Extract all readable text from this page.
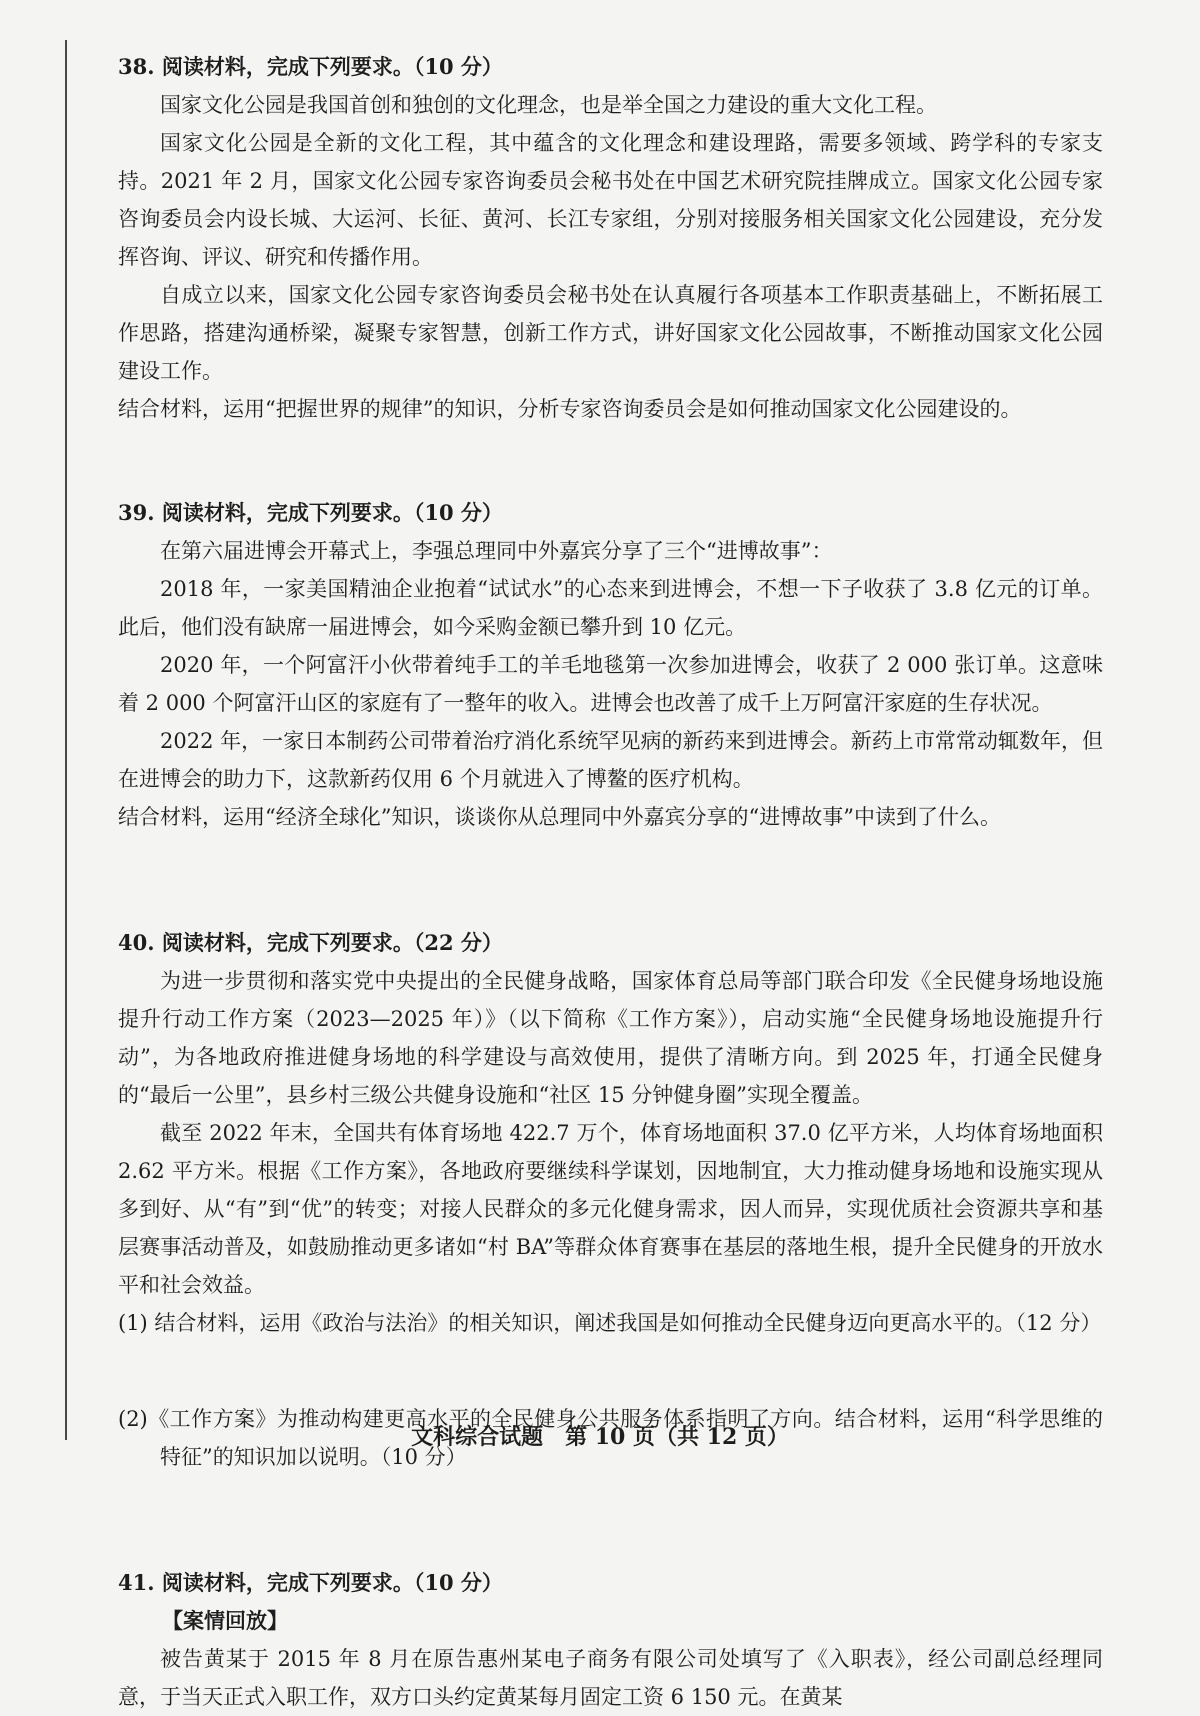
38. 阅读材料，完成下列要求。（10 分）

国家文化公园是我国首创和独创的文化理念，也是举全国之力建设的重大文化工程。

国家文化公园是全新的文化工程，其中蕴含的文化理念和建设理路，需要多领域、跨学科的专家支持。2021 年 2 月，国家文化公园专家咨询委员会秘书处在中国艺术研究院挂牌成立。国家文化公园专家咨询委员会内设长城、大运河、长征、黄河、长江专家组，分别对接服务相关国家文化公园建设，充分发挥咨询、评议、研究和传播作用。

自成立以来，国家文化公园专家咨询委员会秘书处在认真履行各项基本工作职责基础上，不断拓展工作思路，搭建沟通桥梁，凝聚专家智慧，创新工作方式，讲好国家文化公园故事，不断推动国家文化公园建设工作。

结合材料，运用“把握世界的规律”的知识，分析专家咨询委员会是如何推动国家文化公园建设的。

39. 阅读材料，完成下列要求。（10 分）

在第六届进博会开幕式上，李强总理同中外嘉宾分享了三个“进博故事”：

2018 年，一家美国精油企业抱着“试试水”的心态来到进博会，不想一下子收获了 3.8 亿元的订单。此后，他们没有缺席一届进博会，如今采购金额已攀升到 10 亿元。

2020 年，一个阿富汗小伙带着纯手工的羊毛地毯第一次参加进博会，收获了 2 000 张订单。这意味着 2 000 个阿富汗山区的家庭有了一整年的收入。进博会也改善了成千上万阿富汗家庭的生存状况。

2022 年，一家日本制药公司带着治疗消化系统罕见病的新药来到进博会。新药上市常常动辄数年，但在进博会的助力下，这款新药仅用 6 个月就进入了博鳌的医疗机构。

结合材料，运用“经济全球化”知识，谈谈你从总理同中外嘉宾分享的“进博故事”中读到了什么。

40. 阅读材料，完成下列要求。（22 分）

为进一步贯彻和落实党中央提出的全民健身战略，国家体育总局等部门联合印发《全民健身场地设施提升行动工作方案（2023—2025 年）》（以下简称《工作方案》），启动实施“全民健身场地设施提升行动”，为各地政府推进健身场地的科学建设与高效使用，提供了清晰方向。到 2025 年，打通全民健身的“最后一公里”，县乡村三级公共健身设施和“社区 15 分钟健身圈”实现全覆盖。

截至 2022 年末，全国共有体育场地 422.7 万个，体育场地面积 37.0 亿平方米，人均体育场地面积 2.62 平方米。根据《工作方案》，各地政府要继续科学谋划，因地制宜，大力推动健身场地和设施实现从多到好、从“有”到“优”的转变；对接人民群众的多元化健身需求，因人而异，实现优质社会资源共享和基层赛事活动普及，如鼓励推动更多诸如“村 BA”等群众体育赛事在基层的落地生根，提升全民健身的开放水平和社会效益。

(1) 结合材料，运用《政治与法治》的相关知识，阐述我国是如何推动全民健身迈向更高水平的。（12 分）

(2)《工作方案》为推动构建更高水平的全民健身公共服务体系指明了方向。结合材料，运用“科学思维的特征”的知识加以说明。（10 分）

41. 阅读材料，完成下列要求。（10 分）

【案情回放】

被告黄某于 2015 年 8 月在原告惠州某电子商务有限公司处填写了《入职表》，经公司副总经理同意，于当天正式入职工作，双方口头约定黄某每月固定工资 6 150 元。在黄某

文科综合试题　第 10 页（共 12 页）
